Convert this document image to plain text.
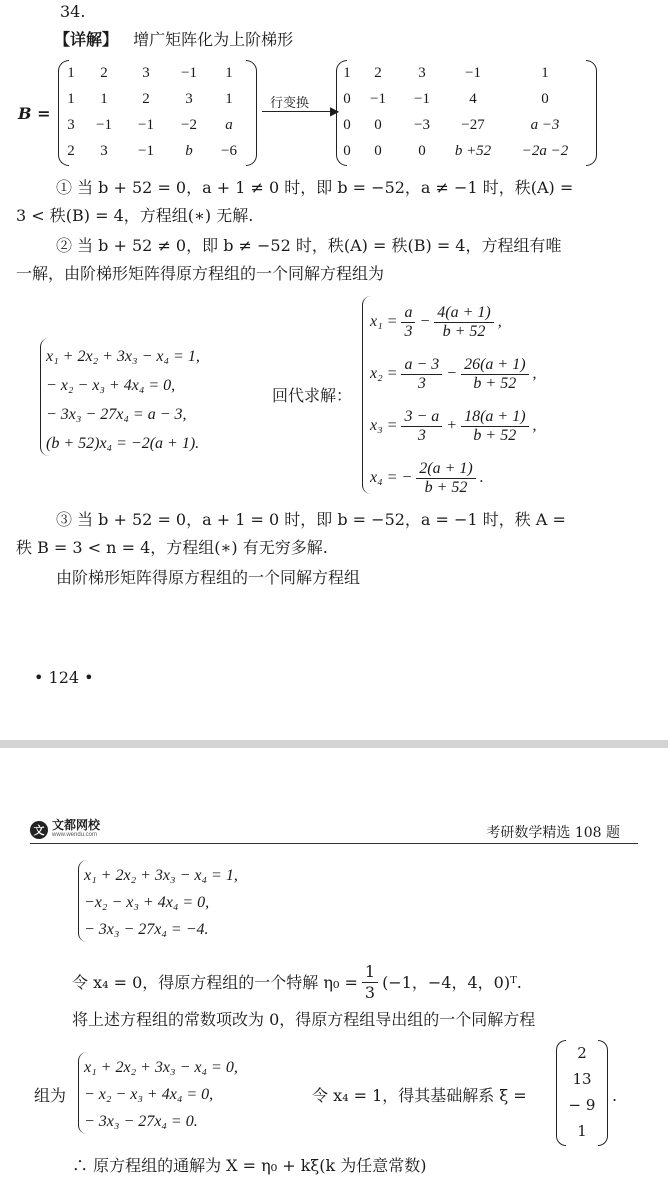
34.
【详解】 增广矩阵化为上阶梯形
B =
1	2	3	−1	1
1	1	2	3	1
3	−1	−1	−2	a
2	3	−1	b	−6
行变换 ▶
1	2	3	−1	1
0	−1	−1	4	0
0	0	−3	−27	a −3
0	0	0	b +52	−2a −2
① 当 b + 52 = 0，a + 1 ≠ 0 时，即 b = −52，a ≠ −1 时，秩(A) =
3 < 秩(B) = 4，方程组(∗) 无解.
② 当 b + 52 ≠ 0，即 b ≠ −52 时，秩(A) = 秩(B) = 4，方程组有唯
一解，由阶梯形矩阵得原方程组的一个同解方程组为
x₁ + 2x₂ + 3x₃ − x₄ = 1,
− x₂ − x₃ + 4x₄ = 0,
− 3x₃ − 27x₄ = a − 3,
(b + 52)x₄ = −2(a + 1).
回代求解：
$x_1 = \frac{a}{3} - \frac{4(a + 1)}{b + 52}$ ,
$x_2 = \frac{a - 3}{3} - \frac{26(a + 1)}{b + 52}$ ,
$x_3 = \frac{3 - a}{3} + \frac{18(a + 1)}{b + 52}$ ,
x₄ = − $\frac{2(a + 1)}{b + 52}$ .
③ 当 b + 52 = 0，a + 1 = 0 时，即 b = −52，a = −1 时，秩 A =
秩 B = 3 < n = 4，方程组(∗) 有无穷多解.
由阶梯形矩阵得原方程组的一个同解方程组
• 124 •
文 文都网校
www.wendu.com	考研数学精选 108 题
x₁ + 2x₂ + 3x₃ − x₄ = 1,
−x₂ − x₃ + 4x₄ = 0,
− 3x₃ − 27x₄ = −4.
令 x₄ = 0，得原方程组的一个特解 $\eta_0 = \frac{1}{3} (-1$，−4，4，0)ᵀ.
将上述方程组的常数项改为 0，得原方程组导出组的一个同解方程
组为
x₁ + 2x₂ + 3x₃ − x₄ = 0,
− x₂ − x₃ + 4x₄ = 0,
− 3x₃ − 27x₄ = 0.
令 x₄ = 1，得其基础解系 ξ =
2
13
− 9
1
.
∴ 原方程组的通解为 X = η₀ + kξ(k 为任意常数)
